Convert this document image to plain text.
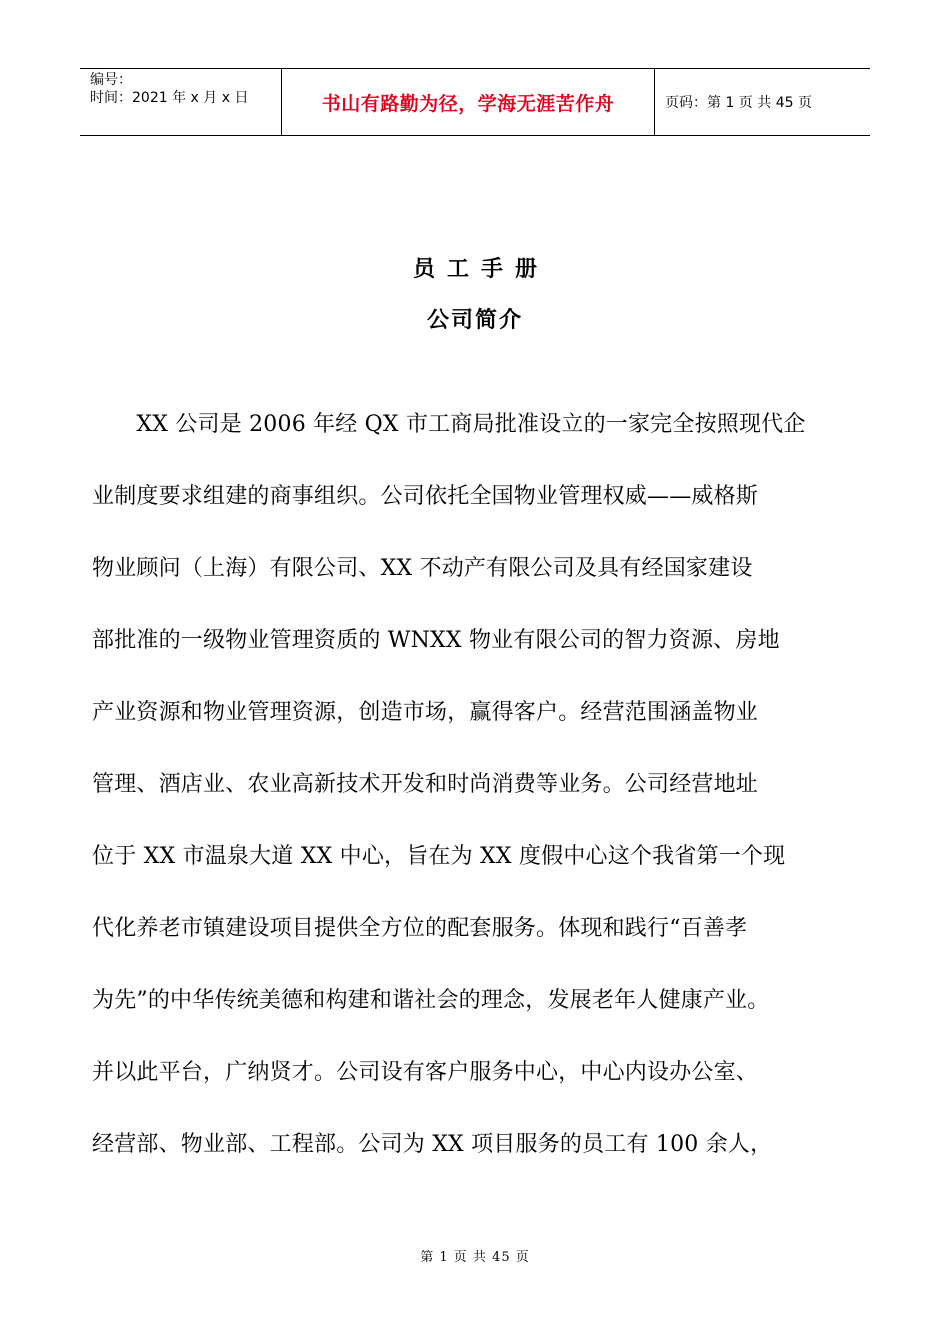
编号：
时间：2021 年 x 月 x 日	书山有路勤为径，学海无涯苦作舟	页码：第 1 页 共 45 页
员工手册
公司简介
　　XX 公司是 2006 年经 QX 市工商局批准设立的一家完全按照现代企
业制度要求组建的商事组织。公司依托全国物业管理权威——威格斯
物业顾问（上海）有限公司、XX 不动产有限公司及具有经国家建设
部批准的一级物业管理资质的 WNXX 物业有限公司的智力资源、房地
产业资源和物业管理资源，创造市场，赢得客户。经营范围涵盖物业
管理、酒店业、农业高新技术开发和时尚消费等业务。公司经营地址
位于 XX 市温泉大道 XX 中心，旨在为 XX 度假中心这个我省第一个现
代化养老市镇建设项目提供全方位的配套服务。体现和践行“百善孝
为先”的中华传统美德和构建和谐社会的理念，发展老年人健康产业。
并以此平台，广纳贤才。公司设有客户服务中心，中心内设办公室、
经营部、物业部、工程部。公司为 XX 项目服务的员工有 100 余人，
第 1 页 共 45 页
